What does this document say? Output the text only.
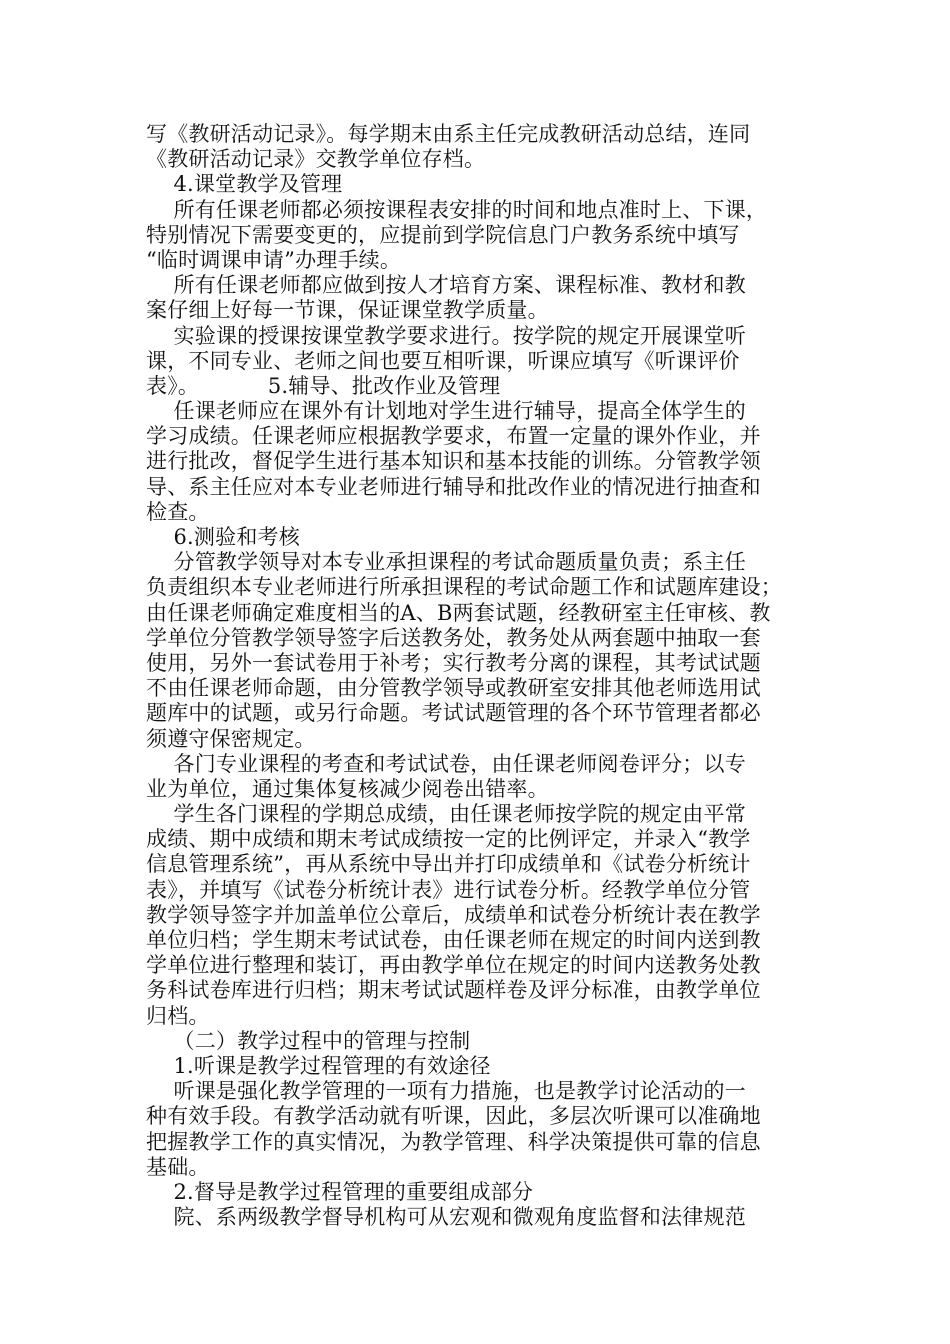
写《教研活动记录》。每学期末由系主任完成教研活动总结，连同
《教研活动记录》交教学单位存档。
4.课堂教学及管理
所有任课老师都必须按课程表安排的时间和地点准时上、下课，
特别情况下需要变更的，应提前到学院信息门户教务系统中填写
“临时调课申请”办理手续。
所有任课老师都应做到按人才培育方案、课程标准、教材和教
案仔细上好每一节课，保证课堂教学质量。
实验课的授课按课堂教学要求进行。按学院的规定开展课堂听
课，不同专业、老师之间也要互相听课，听课应填写《听课评价
表》。          5.辅导、批改作业及管理
任课老师应在课外有计划地对学生进行辅导，提高全体学生的
学习成绩。任课老师应根据教学要求，布置一定量的课外作业，并
进行批改，督促学生进行基本知识和基本技能的训练。分管教学领
导、系主任应对本专业老师进行辅导和批改作业的情况进行抽查和
检查。
6.测验和考核
分管教学领导对本专业承担课程的考试命题质量负责；系主任
负责组织本专业老师进行所承担课程的考试命题工作和试题库建设；
由任课老师确定难度相当的A、B两套试题，经教研室主任审核、教
学单位分管教学领导签字后送教务处，教务处从两套题中抽取一套
使用，另外一套试卷用于补考；实行教考分离的课程，其考试试题
不由任课老师命题，由分管教学领导或教研室安排其他老师选用试
题库中的试题，或另行命题。考试试题管理的各个环节管理者都必
须遵守保密规定。
各门专业课程的考查和考试试卷，由任课老师阅卷评分；以专
业为单位，通过集体复核减少阅卷出错率。
学生各门课程的学期总成绩，由任课老师按学院的规定由平常
成绩、期中成绩和期末考试成绩按一定的比例评定，并录入“教学
信息管理系统”，再从系统中导出并打印成绩单和《试卷分析统计
表》，并填写《试卷分析统计表》进行试卷分析。经教学单位分管
教学领导签字并加盖单位公章后，成绩单和试卷分析统计表在教学
单位归档；学生期末考试试卷，由任课老师在规定的时间内送到教
学单位进行整理和装订，再由教学单位在规定的时间内送教务处教
务科试卷库进行归档；期末考试试题样卷及评分标准，由教学单位
归档。
（二）教学过程中的管理与控制
1.听课是教学过程管理的有效途径
听课是强化教学管理的一项有力措施，也是教学讨论活动的一
种有效手段。有教学活动就有听课，因此，多层次听课可以准确地
把握教学工作的真实情况，为教学管理、科学决策提供可靠的信息
基础。
2.督导是教学过程管理的重要组成部分
院、系两级教学督导机构可从宏观和微观角度监督和法律规范
